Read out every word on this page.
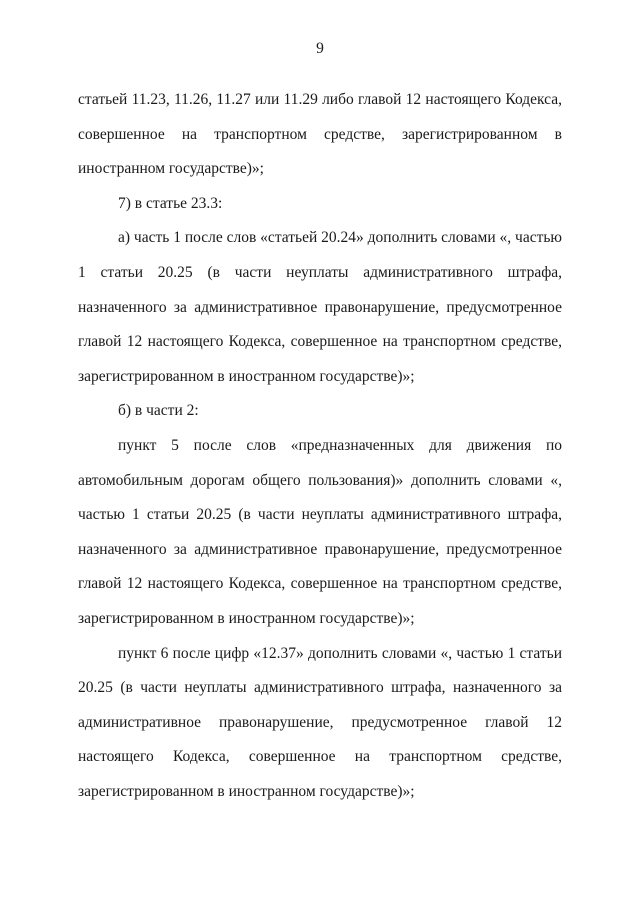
9

статьей 11.23, 11.26, 11.27 или 11.29 либо главой 12 настоящего Кодекса, совершенное на транспортном средстве, зарегистрированном в иностранном государстве)»;

7) в статье 23.3:

а) часть 1 после слов «статьей 20.24» дополнить словами «, частью 1 статьи 20.25 (в части неуплаты административного штрафа, назначенного за административное правонарушение, предусмотренное главой 12 настоящего Кодекса, совершенное на транспортном средстве, зарегистрированном в иностранном государстве)»;

б) в части 2:

пункт 5 после слов «предназначенных для движения по автомобильным дорогам общего пользования)» дополнить словами «, частью 1 статьи 20.25 (в части неуплаты административного штрафа, назначенного за административное правонарушение, предусмотренное главой 12 настоящего Кодекса, совершенное на транспортном средстве, зарегистрированном в иностранном государстве)»;

пункт 6 после цифр «12.37» дополнить словами «, частью 1 статьи 20.25 (в части неуплаты административного штрафа, назначенного за административное правонарушение, предусмотренное главой 12 настоящего Кодекса, совершенное на транспортном средстве, зарегистрированном в иностранном государстве)»;
